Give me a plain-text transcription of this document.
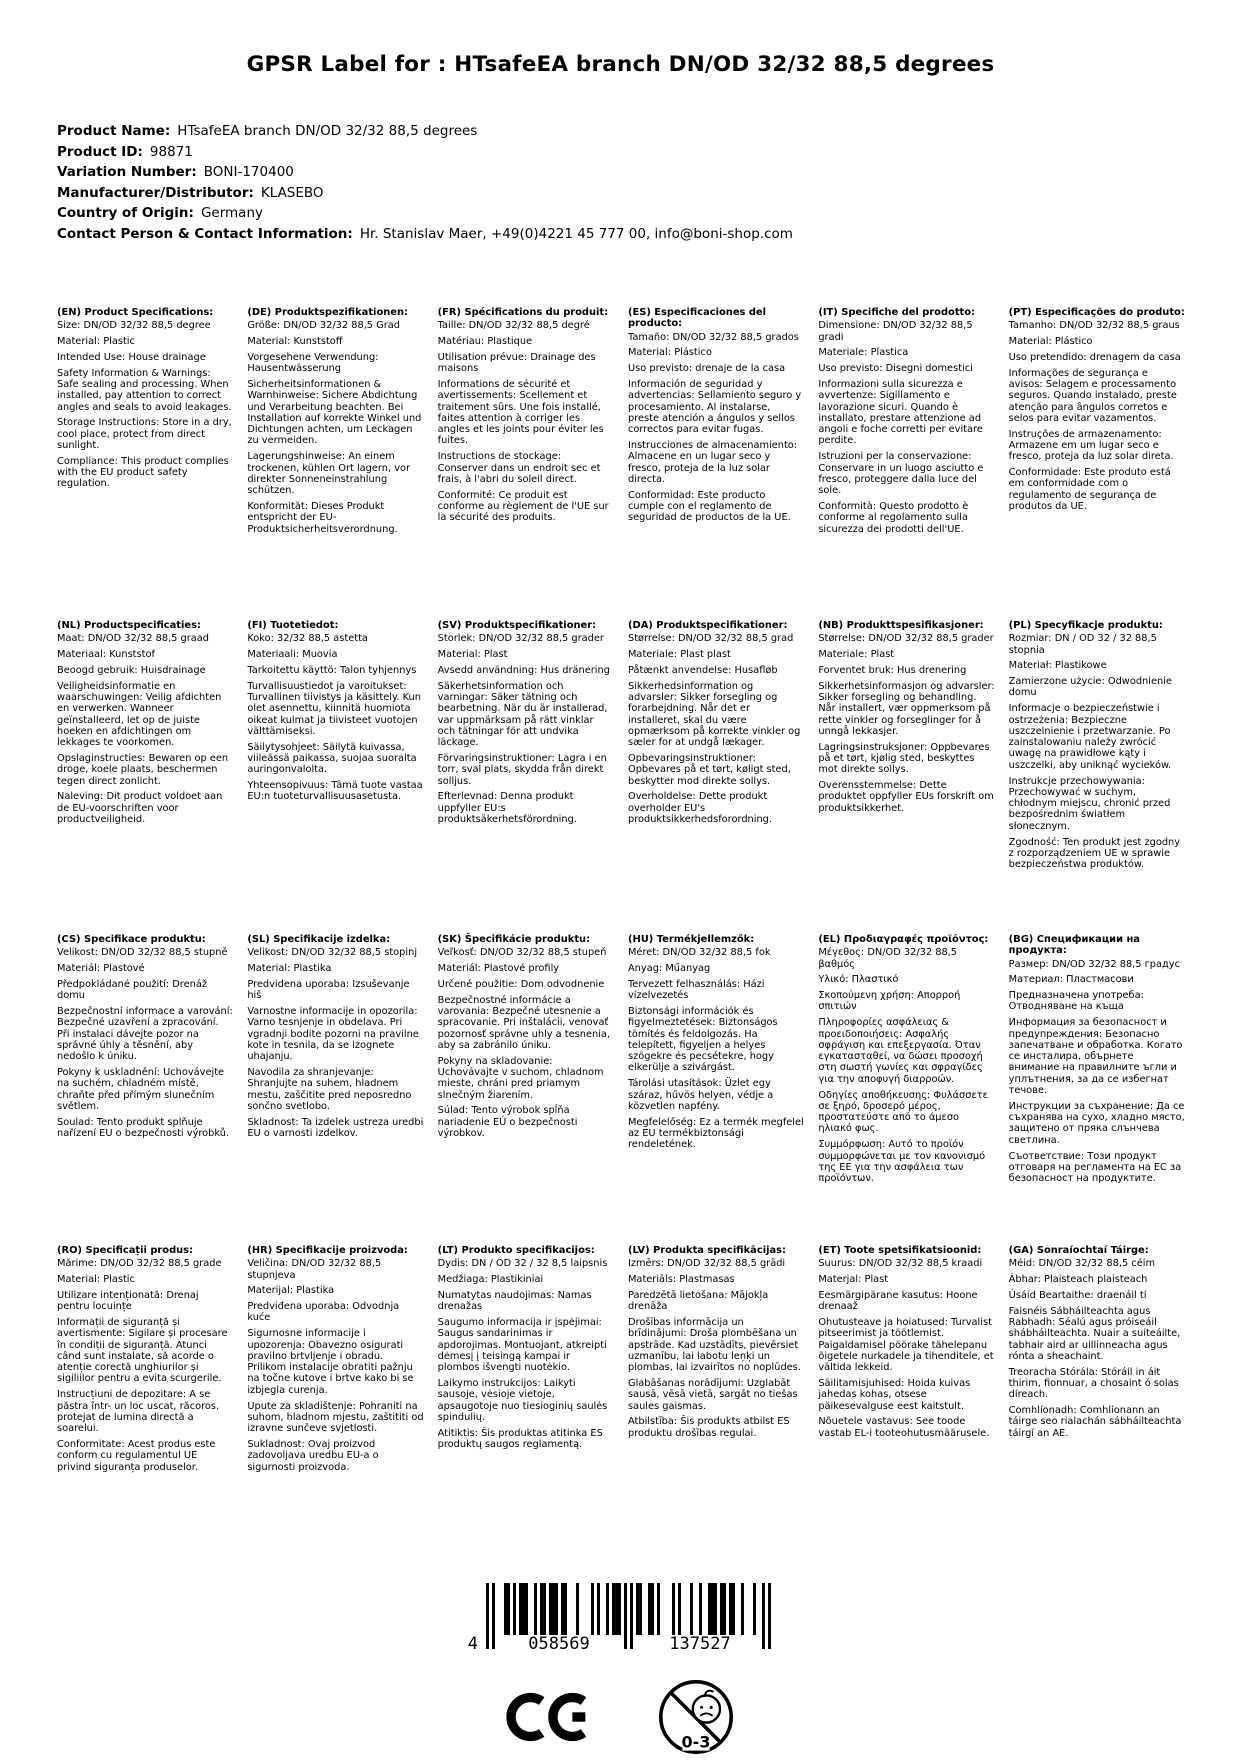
GPSR Label for : HTsafeEA branch DN/OD 32/32 88,5 degrees
Product Name: HTsafeEA branch DN/OD 32/32 88,5 degrees
Product ID: 98871
Variation Number: BONI-170400
Manufacturer/Distributor: KLASEBO
Country of Origin: Germany
Contact Person & Contact Information: Hr. Stanislav Maer, +49(0)4221 45 777 00, info@boni-shop.com
(EN) Product Specifications:

Size: DN/OD 32/32 88,5 degree

Material: Plastic

Intended Use: House drainage

Safety Information & Warnings: Safe sealing and processing. When installed, pay attention to correct angles and seals to avoid leakages.

Storage Instructions: Store in a dry, cool place, protect from direct sunlight.

Compliance: This product complies with the EU product safety regulation.

(DE) Produktspezifikationen:

Größe: DN/OD 32/32 88,5 Grad

Material: Kunststoff

Vorgesehene Verwendung: Hausentwässerung

Sicherheitsinformationen & Warnhinweise: Sichere Abdichtung und Verarbeitung beachten. Bei Installation auf korrekte Winkel und Dichtungen achten, um Leckagen zu vermeiden.

Lagerungshinweise: An einem trockenen, kühlen Ort lagern, vor direkter Sonneneinstrahlung schützen.

Konformität: Dieses Produkt entspricht der EU-Produktsicherheitsverordnung.

(FR) Spécifications du produit:

Taille: DN/OD 32/32 88,5 degré

Matériau: Plastique

Utilisation prévue: Drainage des maisons

Informations de sécurité et avertissements: Scellement et traitement sûrs. Une fois installé, faites attention à corriger les angles et les joints pour éviter les fuites.

Instructions de stockage: Conserver dans un endroit sec et frais, à l'abri du soleil direct.

Conformité: Ce produit est conforme au règlement de l'UE sur la sécurité des produits.

(ES) Especificaciones del producto:

Tamaño: DN/OD 32/32 88,5 grados

Material: Plástico

Uso previsto: drenaje de la casa

Información de seguridad y advertencias: Sellamiento seguro y procesamiento. Al instalarse, preste atención a ángulos y sellos correctos para evitar fugas.

Instrucciones de almacenamiento: Almacene en un lugar seco y fresco, proteja de la luz solar directa.

Conformidad: Este producto cumple con el reglamento de seguridad de productos de la UE.

(IT) Specifiche del prodotto:

Dimensione: DN/OD 32/32 88,5 gradi

Materiale: Plastica

Uso previsto: Disegni domestici

Informazioni sulla sicurezza e avvertenze: Sigillamento e lavorazione sicuri. Quando è installato, prestare attenzione ad angoli e foche corretti per evitare perdite.

Istruzioni per la conservazione: Conservare in un luogo asciutto e fresco, proteggere dalla luce del sole.

Conformità: Questo prodotto è conforme al regolamento sulla sicurezza dei prodotti dell'UE.

(PT) Especificações do produto:

Tamanho: DN/OD 32/32 88,5 graus

Material: Plástico

Uso pretendido: drenagem da casa

Informações de segurança e avisos: Selagem e processamento seguros. Quando instalado, preste atenção para ângulos corretos e selos para evitar vazamentos.

Instruções de armazenamento: Armazene em um lugar seco e fresco, proteja da luz solar direta.

Conformidade: Este produto está em conformidade com o regulamento de segurança de produtos da UE.

(NL) Productspecificaties:

Maat: DN/OD 32/32 88,5 graad

Materiaal: Kunststof

Beoogd gebruik: Huisdrainage

Veiligheidsinformatie en waarschuwingen: Veilig afdichten en verwerken. Wanneer geïnstalleerd, let op de juiste hoeken en afdichtingen om lekkages te voorkomen.

Opslaginstructies: Bewaren op een droge, koele plaats, beschermen tegen direct zonlicht.

Naleving: Dit product voldoet aan de EU-voorschriften voor productveiligheid.

(FI) Tuotetiedot:

Koko: 32/32 88,5 astetta

Materiaali: Muovia

Tarkoitettu käyttö: Talon tyhjennys

Turvallisuustiedot ja varoitukset: Turvallinen tiivistys ja käsittely. Kun olet asennettu, kiinnitä huomiota oikeat kulmat ja tiivisteet vuotojen välttämiseksi.

Säilytysohjeet: Säilytä kuivassa, viileässä paikassa, suojaa suoralta auringonvalolta.

Yhteensopivuus: Tämä tuote vastaa EU:n tuoteturvallisuusasetusta.

(SV) Produktspecifikationer:

Storlek: DN/OD 32/32 88,5 grader

Material: Plast

Avsedd användning: Hus dränering

Säkerhetsinformation och varningar: Säker tätning och bearbetning. När du är installerad, var uppmärksam på rätt vinklar och tätningar för att undvika läckage.

Förvaringsinstruktioner: Lagra i en torr, sval plats, skydda från direkt solljus.

Efterlevnad: Denna produkt uppfyller EU:s produktsäkerhetsförordning.

(DA) Produktspecifikationer:

Størrelse: DN/OD 32/32 88,5 grad

Materiale: Plast plast

Påtænkt anvendelse: Husafløb

Sikkerhedsinformation og advarsler: Sikker forsegling og forarbejdning. Når det er installeret, skal du være opmærksom på korrekte vinkler og sæler for at undgå lækager.

Opbevaringsinstruktioner: Opbevares på et tørt, køligt sted, beskytter mod direkte sollys.

Overholdelse: Dette produkt overholder EU's produktsikkerhedsforordning.

(NB) Produkttspesifikasjoner:

Størrelse: DN/OD 32/32 88,5 grader

Materiale: Plast

Forventet bruk: Hus drenering

Sikkerhetsinformasjon og advarsler: Sikker forsegling og behandling. Når installert, vær oppmerksom på rette vinkler og forseglinger for å unngå lekkasjer.

Lagringsinstruksjoner: Oppbevares på et tørt, kjølig sted, beskyttes mot direkte sollys.

Overensstemmelse: Dette produktet oppfyller EUs forskrift om produktsikkerhet.

(PL) Specyfikacje produktu:

Rozmiar: DN / OD 32 / 32 88,5 stopnia

Materiał: Plastikowe

Zamierzone użycie: Odwodnienie domu

Informacje o bezpieczeństwie i ostrzeżenia: Bezpieczne uszczelnienie i przetwarzanie. Po zainstalowaniu należy zwrócić uwagę na prawidłowe kąty i uszczelki, aby uniknąć wycieków.

Instrukcje przechowywania: Przechowywać w suchym, chłodnym miejscu, chronić przed bezpośrednim światłem słonecznym.

Zgodność: Ten produkt jest zgodny z rozporządzeniem UE w sprawie bezpieczeństwa produktów.

(CS) Specifikace produktu:

Velikost: DN/OD 32/32 88,5 stupně

Materiál: Plastové

Předpokládané použití: Drenáž domu

Bezpečnostní informace a varování: Bezpečné uzavření a zpracování. Při instalaci dávejte pozor na správné úhly a těsnění, aby nedošlo k úniku.

Pokyny k uskladnění: Uchovávejte na suchém, chladném místě, chraňte před přímým slunečním světlem.

Soulad: Tento produkt splňuje nařízení EU o bezpečnosti výrobků.

(SL) Specifikacije izdelka:

Velikost: DN/OD 32/32 88,5 stopinj

Material: Plastika

Predvidena uporaba: Izsuševanje hiš

Varnostne informacije in opozorila: Varno tesnjenje in obdelava. Pri vgradnji bodite pozorni na pravilne kote in tesnila, da se izognete uhajanju.

Navodila za shranjevanje: Shranjujte na suhem, hladnem mestu, zaščitite pred neposredno sončno svetlobo.

Skladnost: Ta izdelek ustreza uredbi EU o varnosti izdelkov.

(SK) Špecifikácie produktu:

Veľkosť: DN/OD 32/32 88,5 stupeň

Materiál: Plastové profily

Určené použitie: Dom odvodnenie

Bezpečnostné informácie a varovania: Bezpečné utesnenie a spracovanie. Pri inštalácii, venovať pozornosť správne uhly a tesnenia, aby sa zabránilo úniku.

Pokyny na skladovanie: Uchovávajte v suchom, chladnom mieste, chráni pred priamym slnečným žiarením.

Súlad: Tento výrobok spĺňa nariadenie EÚ o bezpečnosti výrobkov.

(HU) Termékjellemzők:

Méret: DN/OD 32/32 88,5 fok

Anyag: Műanyag

Tervezett felhasználás: Házi vízelvezetés

Biztonsági információk és figyelmeztetések: Biztonságos tömítés és feldolgozás. Ha telepített, figyeljen a helyes szögekre és pecsétekre, hogy elkerülje a szivárgást.

Tárolási utasítások: Üzlet egy száraz, hűvös helyen, védje a közvetlen napfény.

Megfelelőség: Ez a termék megfelel az EU termékbiztonsági rendeletének.

(EL) Προδιαγραφές προϊόντος:

Μέγεθος: DN/OD 32/32 88,5 βαθμός

Υλικό: Πλαστικό

Σκοπούμενη χρήση: Απορροή σπιτιών

Πληροφορίες ασφάλειας & προειδοποιήσεις: Ασφαλής σφράγιση και επεξεργασία. Όταν εγκατασταθεί, να δώσει προσοχή στη σωστή γωνίες και σφραγίδες για την αποφυγή διαρροών.

Οδηγίες αποθήκευσης: Φυλάσσετε σε ξηρό, δροσερό μέρος, προστατεύστε από το άμεσο ηλιακό φως.

Συμμόρφωση: Αυτό το προϊόν συμμορφώνεται με τον κανονισμό της ΕΕ για την ασφάλεια των προϊόντων.

(BG) Спецификации на продукта:

Размер: DN/OD 32/32 88,5 градус

Материал: Пластмасови

Предназначена употреба: Отводняване на къща

Информация за безопасност и предупреждения: Безопасно запечатване и обработка. Когато се инсталира, обърнете внимание на правилните ъгли и уплътнения, за да се избегнат течове.

Инструкции за съхранение: Да се съхранява на сухо, хладно място, защитено от пряка слънчева светлина.

Съответствие: Този продукт отговаря на регламента на ЕС за безопасност на продуктите.

(RO) Specificații produs:

Mărime: DN/OD 32/32 88,5 grade

Material: Plastic

Utilizare intenționată: Drenaj pentru locuințe

Informații de siguranță și avertismente: Sigilare și procesare în condiții de siguranță. Atunci când sunt instalate, să acorde o atenție corectă unghiurilor și sigiliilor pentru a evita scurgerile.

Instrucțiuni de depozitare: A se păstra într- un loc uscat, răcoros, protejat de lumina directă a soarelui.

Conformitate: Acest produs este conform cu regulamentul UE privind siguranța produselor.

(HR) Specifikacije proizvoda:

Veličina: DN/OD 32/32 88,5 stupnjeva

Materijal: Plastika

Predviđena uporaba: Odvodnja kuće

Sigurnosne informacije i upozorenja: Obavezno osigurati pravilno brtvljenje i obradu. Prilikom instalacije obratiti pažnju na točne kutove i brtve kako bi se izbjegla curenja.

Upute za skladištenje: Pohraniti na suhom, hladnom mjestu, zaštititi od izravne sunčeve svjetlosti.

Sukladnost: Ovaj proizvod zadovoljava uredbu EU-a o sigurnosti proizvoda.

(LT) Produkto specifikacijos:

Dydis: DN / OD 32 / 32 8,5 laipsnis

Medžiaga: Plastikiniai

Numatytas naudojimas: Namas drenažas

Saugumo informacija ir įspėjimai: Saugus sandarinimas ir apdorojimas. Montuojant, atkreipti dėmesį į teisingą kampai ir plombos išvengti nuotėkio.

Laikymo instrukcijos: Laikyti sausoje, vėsioje vietoje, apsaugotoje nuo tiesioginių saulės spindulių.

Atitiktis: Šis produktas atitinka ES produktų saugos reglamentą.

(LV) Produkta specifikācijas:

Izmērs: DN/OD 32/32 88,5 grādi

Materiāls: Plastmasas

Paredzētā lietošana: Mājokļa drenāža

Drošības informācija un brīdinājumi: Droša plombēšana un apstrāde. Kad uzstādīts, pievērsiet uzmanību, lai labotu leņķi un plombas, lai izvairītos no noplūdes.

Glabāšanas norādījumi: Uzglabāt sausā, vēsā vietā, sargāt no tiešas saules gaismas.

Atbilstība: Šis produkts atbilst ES produktu drošības regulai.

(ET) Toote spetsifikatsioonid:

Suurus: DN/OD 32/32 88,5 kraadi

Materjal: Plast

Eesmärgipärane kasutus: Hoone drenaaž

Ohutusteave ja hoiatused: Turvalist pitseerimist ja töötlemist. Paigaldamisel pöörake tähelepanu õigetele nurkadele ja tihenditele, et vältida lekkeid.

Säilitamisjuhised: Hoida kuivas jahedas kohas, otsese päikesevalguse eest kaitstult.

Nõuetele vastavus: See toode vastab EL-i tooteohutusmäärusele.

(GA) Sonraíochtaí Táirge:

Méid: DN/OD 32/32 88,5 céim

Ábhar: Plaisteach plaisteach

Úsáid Beartaithe: draenáil tí

Faisnéis Sábháilteachta agus Rabhadh: Séalú agus próiseáil shábháilteachta. Nuair a suiteáilte, tabhair aird ar uillinneacha agus rónta a sheachaint.

Treoracha Stórála: Stóráil in áit thirim, fionnuar, a chosaint ó solas díreach.

Comhlíonadh: Comhlíonann an táirge seo rialachán sábháilteachta táirgí an AE.

4	058569	137527
0-3
